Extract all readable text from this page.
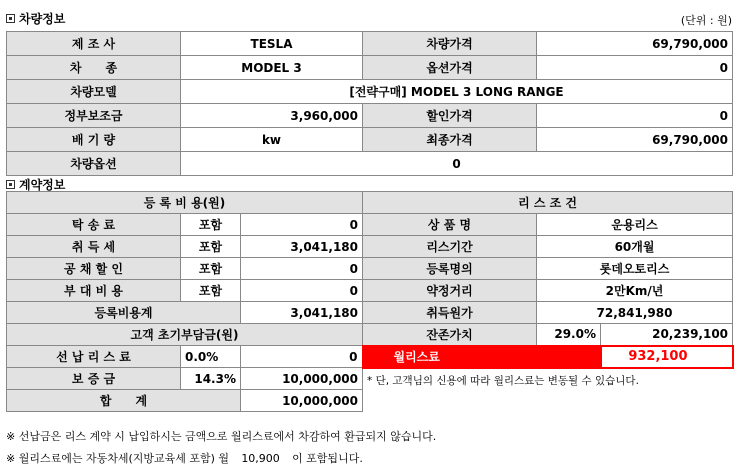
차량정보	(단위 : 원)
제 조 사	TESLA	차량가격	69,790,000
차　　종	MODEL 3	옵션가격	0
차량모델	[전략구매] MODEL 3 LONG RANGE		
정부보조금	3,960,000	할인가격	0
배 기 량	kw	최종가격	69,790,000
차량옵션	0		
계약정보
등 록 비 용(원)			리 스 조 건		
탁 송 료	포함	0	상 품 명	운용리스	
취 득 세	포함	3,041,180	리스기간	60개월	
공 채 할 인	포함	0	등록명의	롯데오토리스	
부 대 비 용	포함	0	약정거리	2만Km/년	
등록비용계		3,041,180	취득원가	72,841,980	
고객 초기부담금(원)			잔존가치	29.0%	20,239,100
선 납 리 스 료	0.0%	0	월리스료		932,100
보 증 금	14.3%	10,000,000	* 단, 고객님의 신용에 따라 월리스료는 변동될 수 있습니다.		
합　　계		10,000,000			
※ 선납금은 리스 계약 시 납입하시는 금액으로 월리스료에서 차감하여 환급되지 않습니다.
※ 월리스료에는 자동차세(지방교육세 포함) 월 10,900 이 포함됩니다.
